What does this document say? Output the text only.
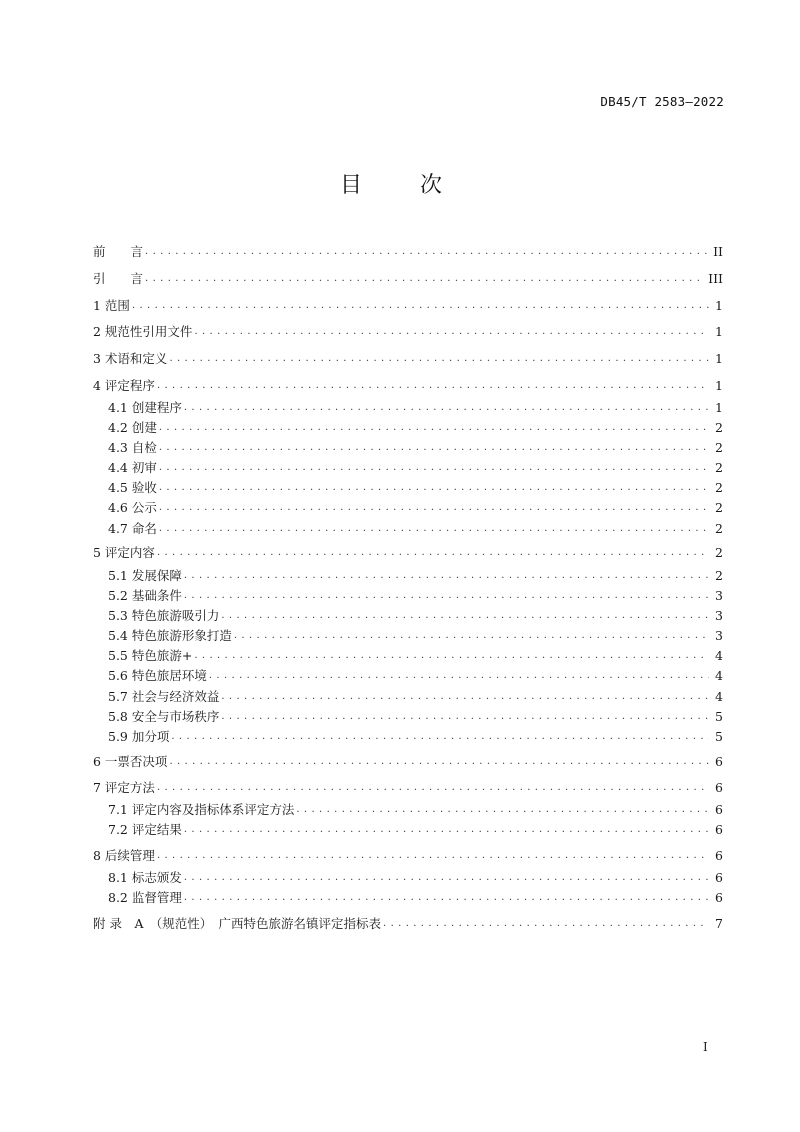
DB45/T 2583—2022
目　次
前　　言 . . .	II
引　　言 . . .	III
1 范围 . . .	1
2 规范性引用文件 . . .	1
3 术语和定义 . . .	1
4 评定程序 . . .	1
4.1 创建程序 . . .	1
4.2 创建 . . .	2
4.3 自检 . . .	2
4.4 初审 . . .	2
4.5 验收 . . .	2
4.6 公示 . . .	2
4.7 命名 . . .	2
5 评定内容 . . .	2
5.1 发展保障 . . .	2
5.2 基础条件 . . .	3
5.3 特色旅游吸引力 . . .	3
5.4 特色旅游形象打造 . . .	3
5.5 特色旅游+ . . .	4
5.6 特色旅居环境 . . .	4
5.7 社会与经济效益 . . .	4
5.8 安全与市场秩序 . . .	5
5.9 加分项 . . .	5
6 一票否决项 . . .	6
7 评定方法 . . .	6
7.1 评定内容及指标体系评定方法 . . .	6
7.2 评定结果 . . .	6
8 后续管理 . . .	6
8.1 标志颁发 . . .	6
8.2 监督管理 . . .	6
附 录　A　（规范性）　广西特色旅游名镇评定指标表 . . .	7
I
